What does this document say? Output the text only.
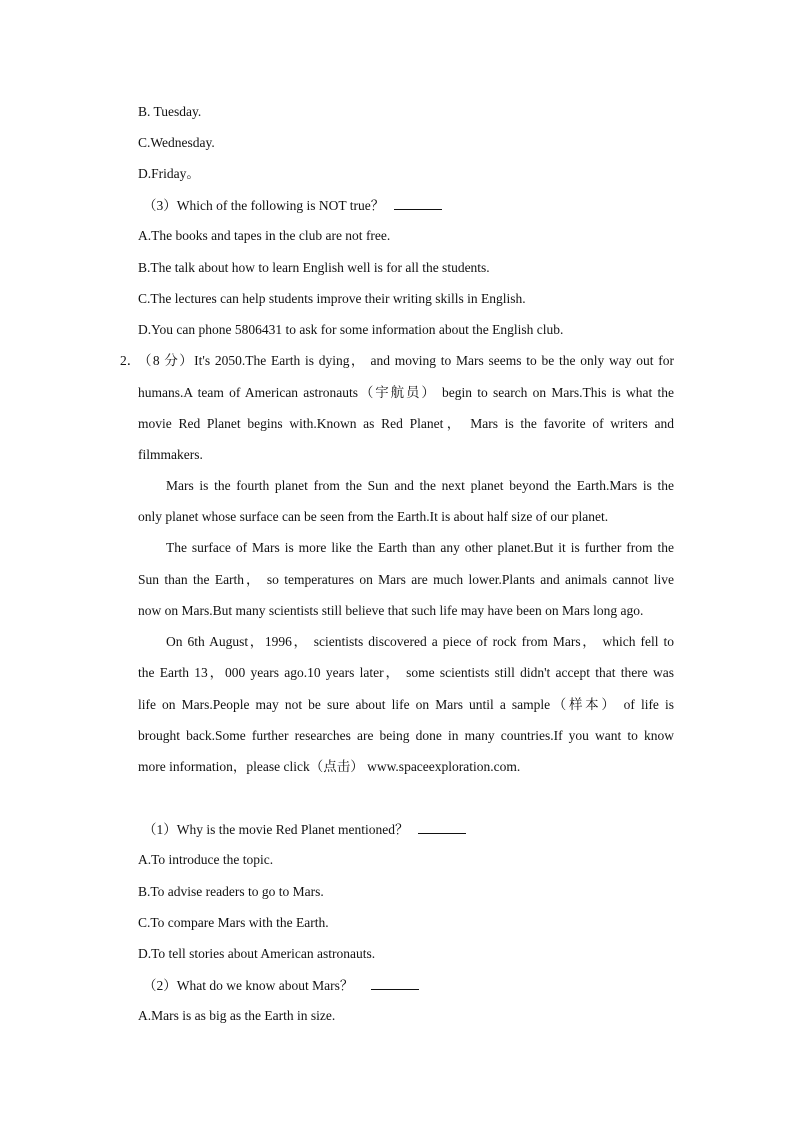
B. Tuesday.
C.Wednesday.
D.Friday。
（3）Which of the following is NOT true？
A.The books and tapes in the club are not free.
B.The talk about how to learn English well is for all the students.
C.The lectures can help students improve their writing skills in English.
D.You can phone 5806431 to ask for some information about the English club.
2．
（8 分）It's 2050.The Earth is dying， and moving to Mars seems to be the only way out for
humans.A team of American astronauts（宇航员） begin to search on Mars.This is what the
movie Red Planet begins with.Known as Red Planet， Mars is the favorite of writers and
filmmakers.
Mars is the fourth planet from the Sun and the next planet beyond the Earth.Mars is the
only planet whose surface can be seen from the Earth.It is about half size of our planet.
The surface of Mars is more like the Earth than any other planet.But it is further from the
Sun than the Earth， so temperatures on Mars are much lower.Plants and animals cannot live
now on Mars.But many scientists still believe that such life may have been on Mars long ago.
On 6th August，1996， scientists discovered a piece of rock from Mars， which fell to
the Earth 13，000 years ago.10 years later， some scientists still didn't accept that there was
life on Mars.People may not be sure about life on Mars until a sample（样本） of life is
brought back.Some further researches are being done in many countries.If you want to know
more information，please click（点击） www.spaceexploration.com.
（1）Why is the movie Red Planet mentioned？
A.To introduce the topic.
B.To advise readers to go to Mars.
C.To compare Mars with the Earth.
D.To tell stories about American astronauts.
（2）What do we know about Mars？
A.Mars is as big as the Earth in size.
